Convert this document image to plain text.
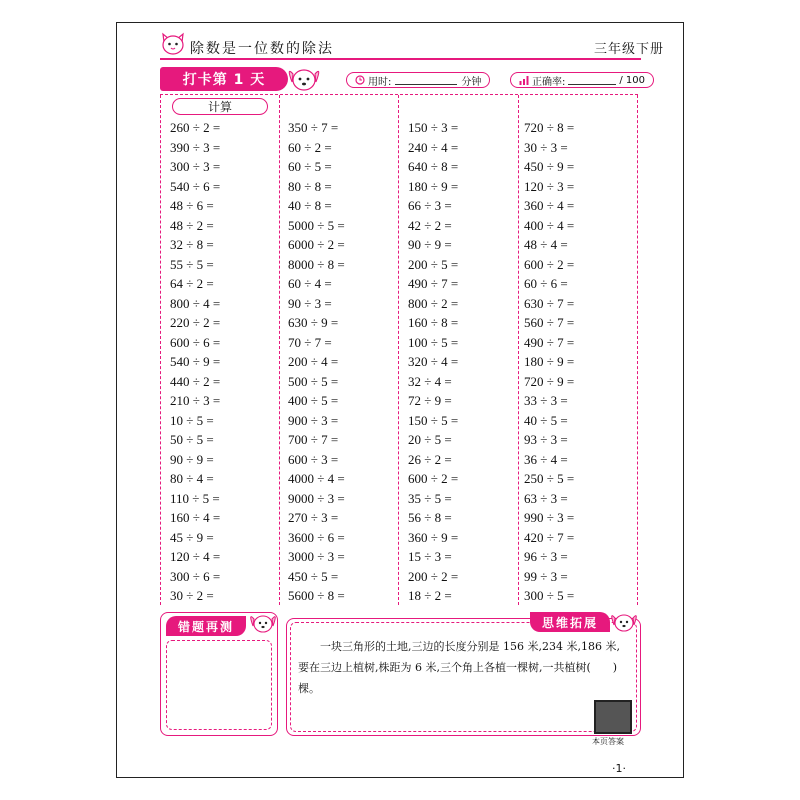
除数是一位数的除法	三年级下册
打卡第 1 天	用时:	分钟	正确率:	/ 100
计算
260 ÷ 2 =
390 ÷ 3 =
300 ÷ 3 =
540 ÷ 6 =
48 ÷ 6 =
48 ÷ 2 =
32 ÷ 8 =
55 ÷ 5 =
64 ÷ 2 =
800 ÷ 4 =
220 ÷ 2 =
600 ÷ 6 =
540 ÷ 9 =
440 ÷ 2 =
210 ÷ 3 =
10 ÷ 5 =
50 ÷ 5 =
90 ÷ 9 =
80 ÷ 4 =
110 ÷ 5 =
160 ÷ 4 =
45 ÷ 9 =
120 ÷ 4 =
300 ÷ 6 =
30 ÷ 2 =
350 ÷ 7 =
60 ÷ 2 =
60 ÷ 5 =
80 ÷ 8 =
40 ÷ 8 =
5000 ÷ 5 =
6000 ÷ 2 =
8000 ÷ 8 =
60 ÷ 4 =
90 ÷ 3 =
630 ÷ 9 =
70 ÷ 7 =
200 ÷ 4 =
500 ÷ 5 =
400 ÷ 5 =
900 ÷ 3 =
700 ÷ 7 =
600 ÷ 3 =
4000 ÷ 4 =
9000 ÷ 3 =
270 ÷ 3 =
3600 ÷ 6 =
3000 ÷ 3 =
450 ÷ 5 =
5600 ÷ 8 =
150 ÷ 3 =
240 ÷ 4 =
640 ÷ 8 =
180 ÷ 9 =
66 ÷ 3 =
42 ÷ 2 =
90 ÷ 9 =
200 ÷ 5 =
490 ÷ 7 =
800 ÷ 2 =
160 ÷ 8 =
100 ÷ 5 =
320 ÷ 4 =
32 ÷ 4 =
72 ÷ 9 =
150 ÷ 5 =
20 ÷ 5 =
26 ÷ 2 =
600 ÷ 2 =
35 ÷ 5 =
56 ÷ 8 =
360 ÷ 9 =
15 ÷ 3 =
200 ÷ 2 =
18 ÷ 2 =
720 ÷ 8 =
30 ÷ 3 =
450 ÷ 9 =
120 ÷ 3 =
360 ÷ 4 =
400 ÷ 4 =
48 ÷ 4 =
600 ÷ 2 =
60 ÷ 6 =
630 ÷ 7 =
560 ÷ 7 =
490 ÷ 7 =
180 ÷ 9 =
720 ÷ 9 =
33 ÷ 3 =
40 ÷ 5 =
93 ÷ 3 =
36 ÷ 4 =
250 ÷ 5 =
63 ÷ 3 =
990 ÷ 3 =
420 ÷ 7 =
96 ÷ 3 =
99 ÷ 3 =
300 ÷ 5 =
错题再测	思维拓展
一块三角形的土地,三边的长度分别是 156 米,234 米,186 米,要在三边上植树,株距为 6 米,三个角上各植一棵树,一共植树(　　)棵。
本页答案
·1·
